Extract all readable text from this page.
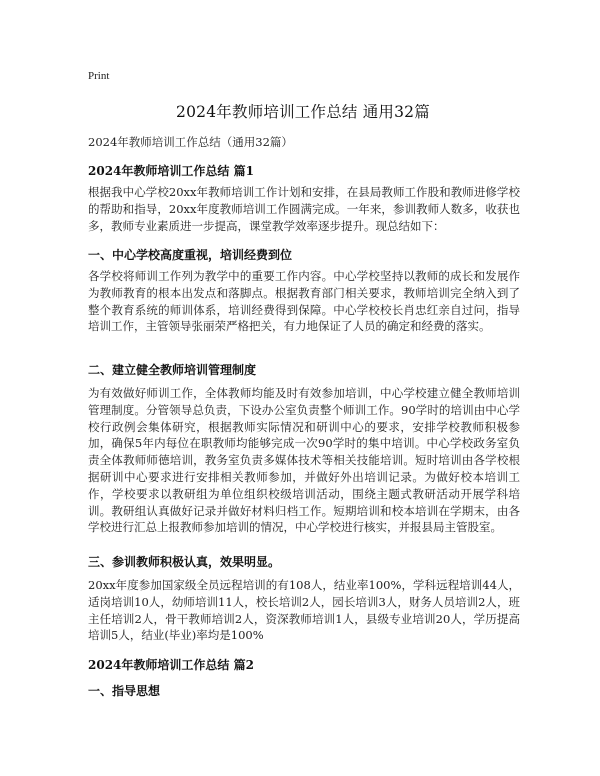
Print
2024年教师培训工作总结 通用32篇
2024年教师培训工作总结（通用32篇）
2024年教师培训工作总结 篇1
根据我中心学校20xx年教师培训工作计划和安排，在县局教师工作股和教师进修学校的帮助和指导，20xx年度教师培训工作圆满完成。一年来，参训教师人数多，收获也多，教师专业素质进一步提高，课堂教学效率逐步提升。现总结如下：
一、中心学校高度重视，培训经费到位
各学校将师训工作列为教学中的重要工作内容。中心学校坚持以教师的成长和发展作为教师教育的根本出发点和落脚点。根据教育部门相关要求，教师培训完全纳入到了整个教育系统的师训体系，培训经费得到保障。中心学校校长肖忠红亲自过问，指导培训工作，主管领导张丽荣严格把关，有力地保证了人员的确定和经费的落实。
二、建立健全教师培训管理制度
为有效做好师训工作，全体教师均能及时有效参加培训，中心学校建立健全教师培训管理制度。分管领导总负责，下设办公室负责整个师训工作。90学时的培训由中心学校行政例会集体研究，根据教师实际情况和研训中心的要求，安排学校教师积极参加，确保5年内每位在职教师均能够完成一次90学时的集中培训。中心学校政务室负责全体教师师德培训，教务室负责多媒体技术等相关技能培训。短时培训由各学校根据研训中心要求进行安排相关教师参加，并做好外出培训记录。为做好校本培训工作，学校要求以教研组为单位组织校级培训活动，围绕主题式教研活动开展学科培训。教研组认真做好记录并做好材料归档工作。短期培训和校本培训在学期末，由各学校进行汇总上报教师参加培训的情况，中心学校进行核实，并报县局主管股室。
三、参训教师积极认真，效果明显。
20xx年度参加国家级全员远程培训的有108人，结业率100%，学科远程培训44人，适岗培训10人，幼师培训11人，校长培训2人，园长培训3人，财务人员培训2人，班主任培训2人，骨干教师培训2人，资深教师培训1人，县级专业培训20人，学历提高培训5人，结业(毕业)率均是100%
2024年教师培训工作总结 篇2
一、指导思想
